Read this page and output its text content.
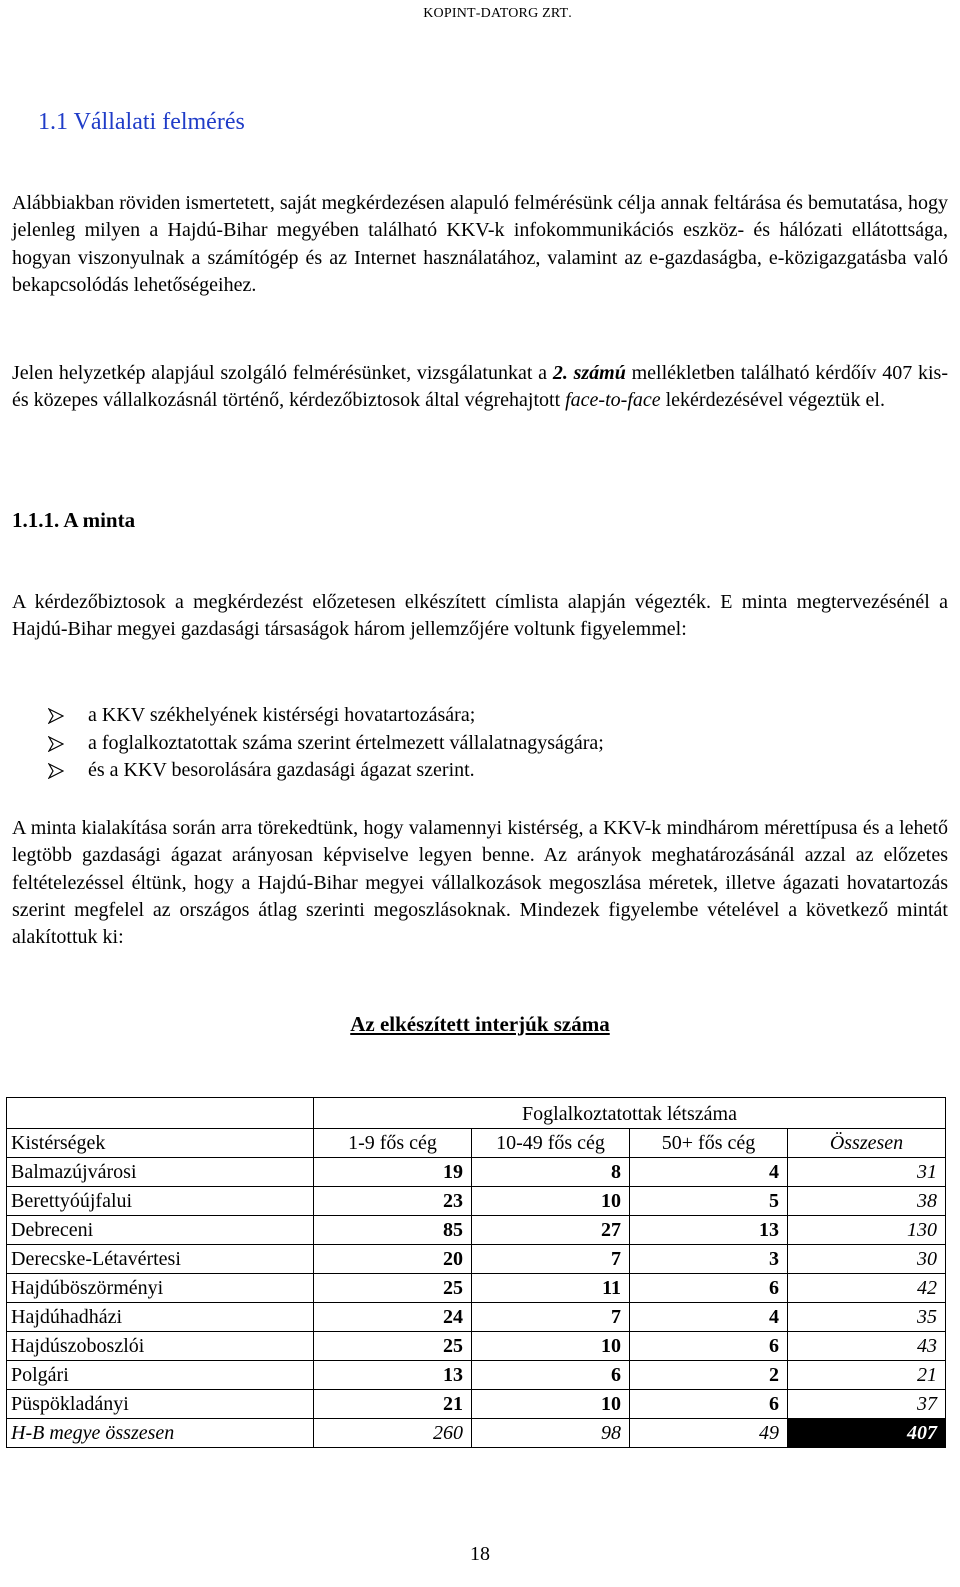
KOPINT-DATORG ZRT.
1.1 Vállalati felmérés
Alábbiakban röviden ismertetett, saját megkérdezésen alapuló felmérésünk célja annak feltárása és bemutatása, hogy jelenleg milyen a Hajdú-Bihar megyében található KKV-k infokommunikációs eszköz- és hálózati ellátottsága, hogyan viszonyulnak a számítógép és az Internet használatához, valamint az e-gazdaságba, e-közigazgatásba való bekapcsolódás lehetőségeihez.
Jelen helyzetkép alapjául szolgáló felmérésünket, vizsgálatunkat a 2. számú mellékletben található kérdőív 407 kis- és közepes vállalkozásnál történő, kérdezőbiztosok által végrehajtott face-to-face lekérdezésével végeztük el.
1.1.1. A minta
A kérdezőbiztosok a megkérdezést előzetesen elkészített címlista alapján végezték. E minta megtervezésénél a Hajdú-Bihar megyei gazdasági társaságok három jellemzőjére voltunk figyelemmel:
a KKV székhelyének kistérségi hovatartozására;
a foglalkoztatottak száma szerint értelmezett vállalatnagyságára;
és a KKV besorolására gazdasági ágazat szerint.
A minta kialakítása során arra törekedtünk, hogy valamennyi kistérség, a KKV-k mindhárom mérettípusa és a lehető legtöbb gazdasági ágazat arányosan képviselve legyen benne. Az arányok meghatározásánál azzal az előzetes feltételezéssel éltünk, hogy a Hajdú-Bihar megyei vállalkozások megoszlása méretek, illetve ágazati hovatartozás szerint megfelel az országos átlag szerinti megoszlásoknak. Mindezek figyelembe vételével a következő mintát alakítottuk ki:
Az elkészített interjúk száma
	Foglalkoztatottak létszáma			
Kistérségek	1-9 fős cég	10-49 fős cég	50+ fős cég	Összesen
Balmazújvárosi	19	8	4	31
Berettyóújfalui	23	10	5	38
Debreceni	85	27	13	130
Derecske-Létavértesi	20	7	3	30
Hajdúböszörményi	25	11	6	42
Hajdúhadházi	24	7	4	35
Hajdúszoboszlói	25	10	6	43
Polgári	13	6	2	21
Püspökladányi	21	10	6	37
H-B megye összesen	260	98	49	407
18
